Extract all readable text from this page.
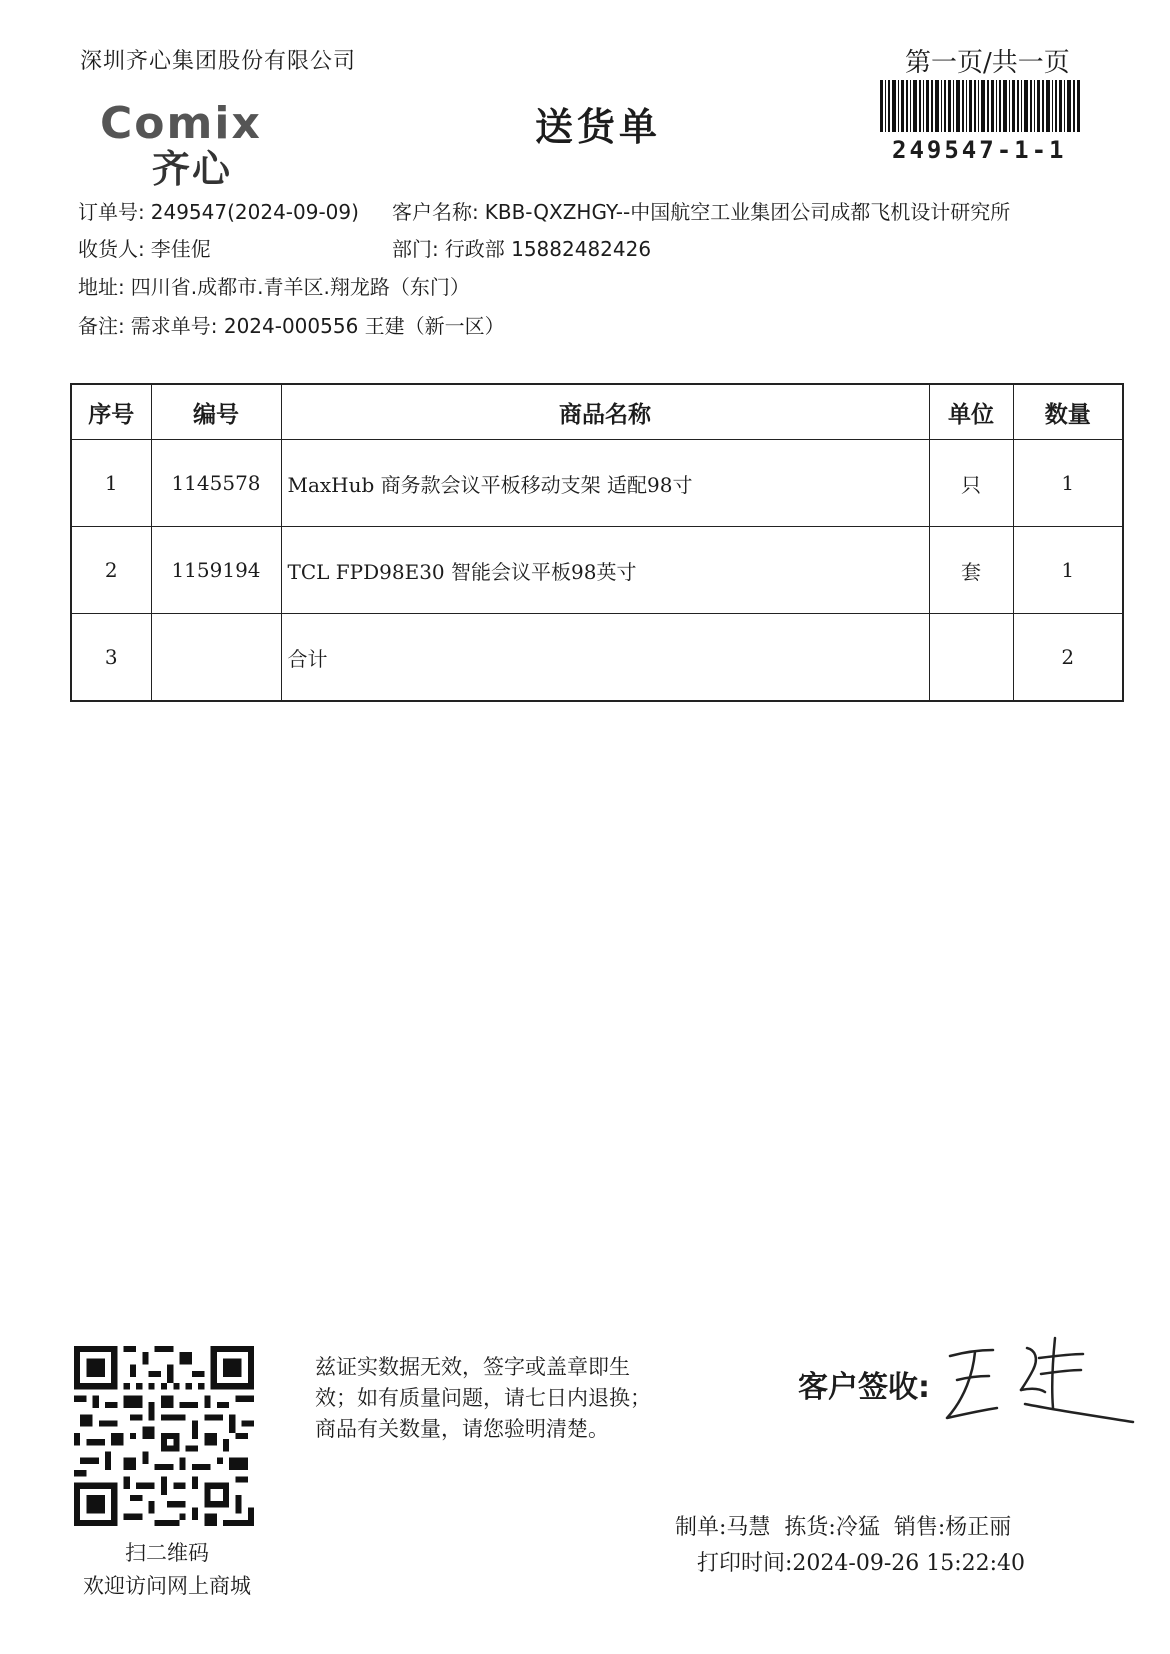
深圳齐心集团股份有限公司	第一页/共一页
249547-1-1
Comix
齐心
送货单
订单号: 249547(2024-09-09) 客户名称: KBB-QXZHGY--中国航空工业集团公司成都飞机设计研究所
收货人: 李佳伲	部门: 行政部 15882482426
地址: 四川省.成都市.青羊区.翔龙路（东门）
备注: 需求单号: 2024-000556 王建（新一区）
序号	编号	商品名称	单位	数量
1	1145578	MaxHub 商务款会议平板移动支架 适配98寸	只	1
2	1159194	TCL FPD98E30 智能会议平板98英寸	套	1
3		合计		2
扫二维码
欢迎访问网上商城
兹证实数据无效，签字或盖章即生
效；如有质量问题，请七日内退换；
商品有关数量，请您验明清楚。
客户签收:
制单:马慧 拣货:冷猛 销售:杨正丽
打印时间:2024-09-26 15:22:40
